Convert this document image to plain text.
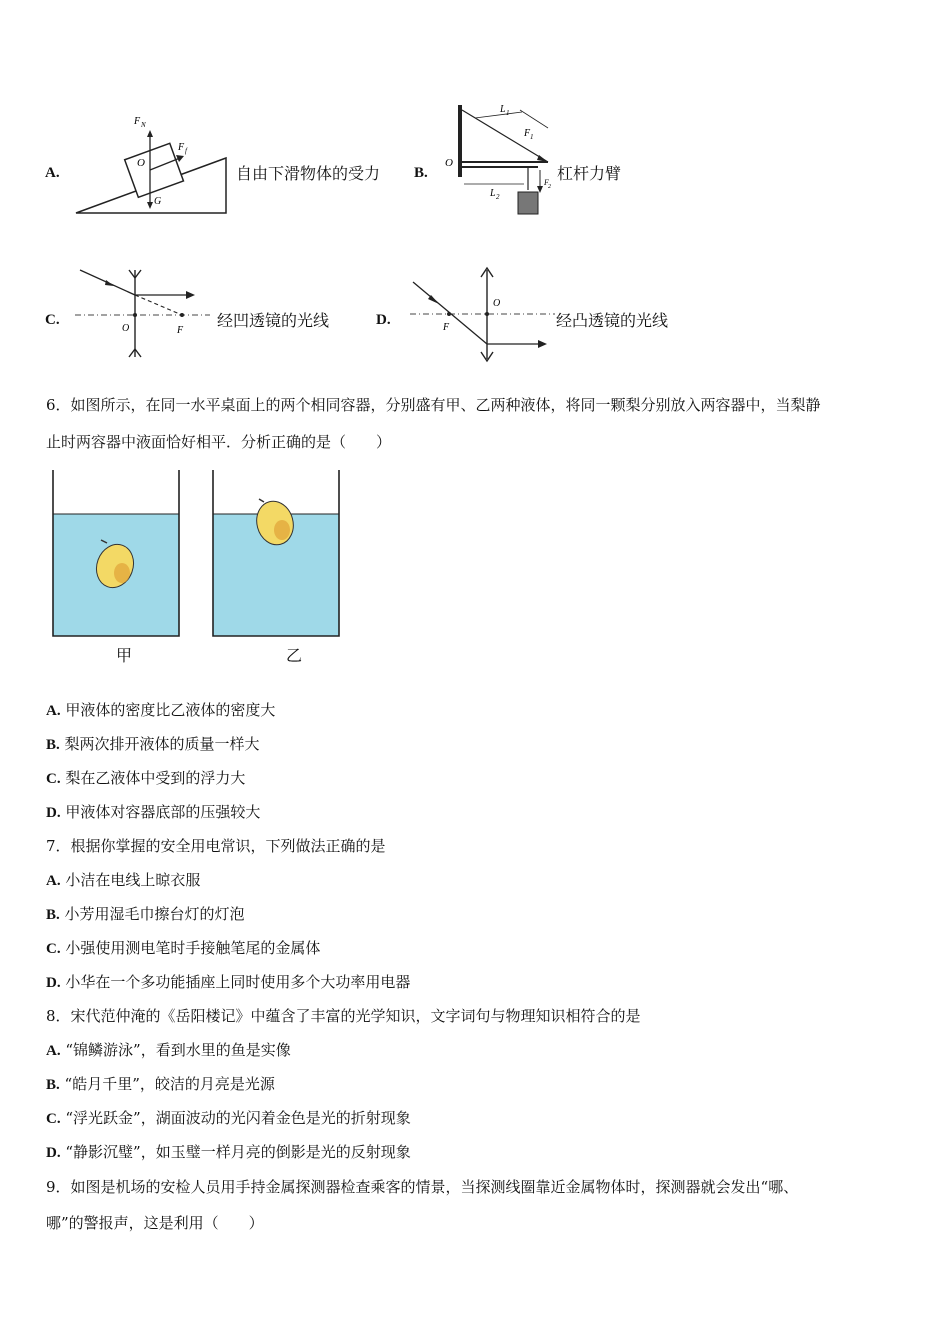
A.
F N
F f
O
G
自由下滑物体的受力 B.
O
L 1
F 1
L 2
F 2
杠杆力臂
C.
O	F
经凹透镜的光线	D.	F
O
经凸透镜的光线
6．如图所示，在同一水平桌面上的两个相同容器，分别盛有甲、乙两种液体，将同一颗梨分别放入两容器中，当梨静
止时两容器中液面恰好相平．分析正确的是（　　）
甲	乙
A. 甲液体的密度比乙液体的密度大
B. 梨两次排开液体的质量一样大
C. 梨在乙液体中受到的浮力大
D. 甲液体对容器底部的压强较大
7．根据你掌握的安全用电常识，下列做法正确的是
A. 小洁在电线上晾衣服
B. 小芳用湿毛巾擦台灯的灯泡
C. 小强使用测电笔时手接触笔尾的金属体
D. 小华在一个多功能插座上同时使用多个大功率用电器
8．宋代范仲淹的《岳阳楼记》中蕴含了丰富的光学知识，文字词句与物理知识相符合的是
A. “锦鳞游泳”，看到水里的鱼是实像
B. “皓月千里”，皎洁的月亮是光源
C. “浮光跃金”，湖面波动的光闪着金色是光的折射现象
D. “静影沉璧”，如玉璧一样月亮的倒影是光的反射现象
9．如图是机场的安检人员用手持金属探测器检查乘客的情景，当探测线圈靠近金属物体时，探测器就会发出“哪、
哪”的警报声，这是利用（　　）
